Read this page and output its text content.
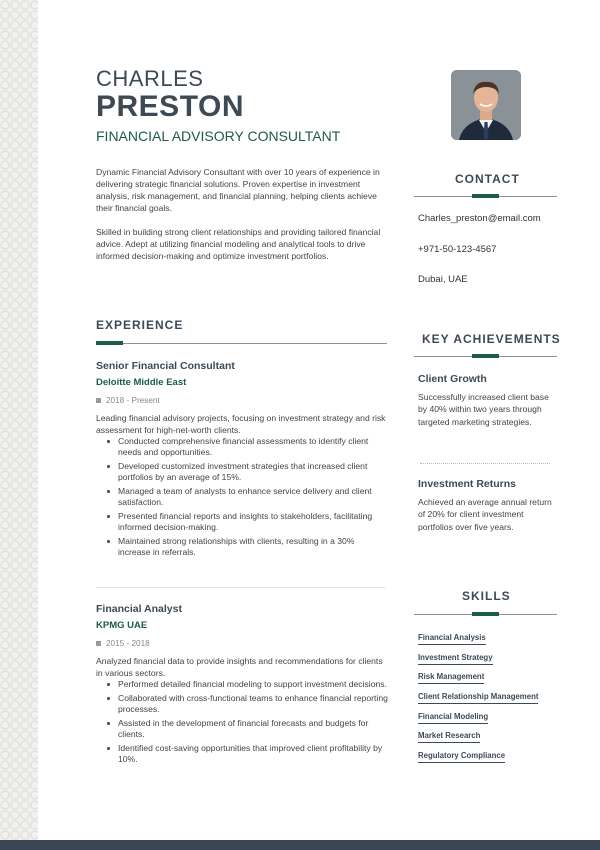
CHARLES
PRESTON
FINANCIAL ADVISORY CONSULTANT

Dynamic Financial Advisory Consultant with over 10 years of experience in delivering strategic financial solutions. Proven expertise in investment analysis, risk management, and financial planning, helping clients achieve their financial goals.

Skilled in building strong client relationships and providing tailored financial advice. Adept at utilizing financial modeling and analytical tools to drive informed decision-making and optimize investment portfolios.

EXPERIENCE
Senior Financial Consultant
Deloitte Middle East
2018 - Present
Leading financial advisory projects, focusing on investment strategy and risk assessment for high-net-worth clients.
Conducted comprehensive financial assessments to identify client needs and opportunities.
Developed customized investment strategies that increased client portfolios by an average of 15%.
Managed a team of analysts to enhance service delivery and client satisfaction.
Presented financial reports and insights to stakeholders, facilitating informed decision-making.
Maintained strong relationships with clients, resulting in a 30% increase in referrals.
Financial Analyst
KPMG UAE
2015 - 2018
Analyzed financial data to provide insights and recommendations for clients in various sectors.
Performed detailed financial modeling to support investment decisions.
Collaborated with cross-functional teams to enhance financial reporting processes.
Assisted in the development of financial forecasts and budgets for clients.
Identified cost-saving opportunities that improved client profitability by 10%.
CONTACT
Charles_preston@email.com
+971-50-123-4567
Dubai, UAE
KEY ACHIEVEMENTS
Client Growth
Successfully increased client base by 40% within two years through targeted marketing strategies.
Investment Returns
Achieved an average annual return of 20% for client investment portfolios over five years.
SKILLS
Financial Analysis
Investment Strategy
Risk Management
Client Relationship Management
Financial Modeling
Market Research
Regulatory Compliance
